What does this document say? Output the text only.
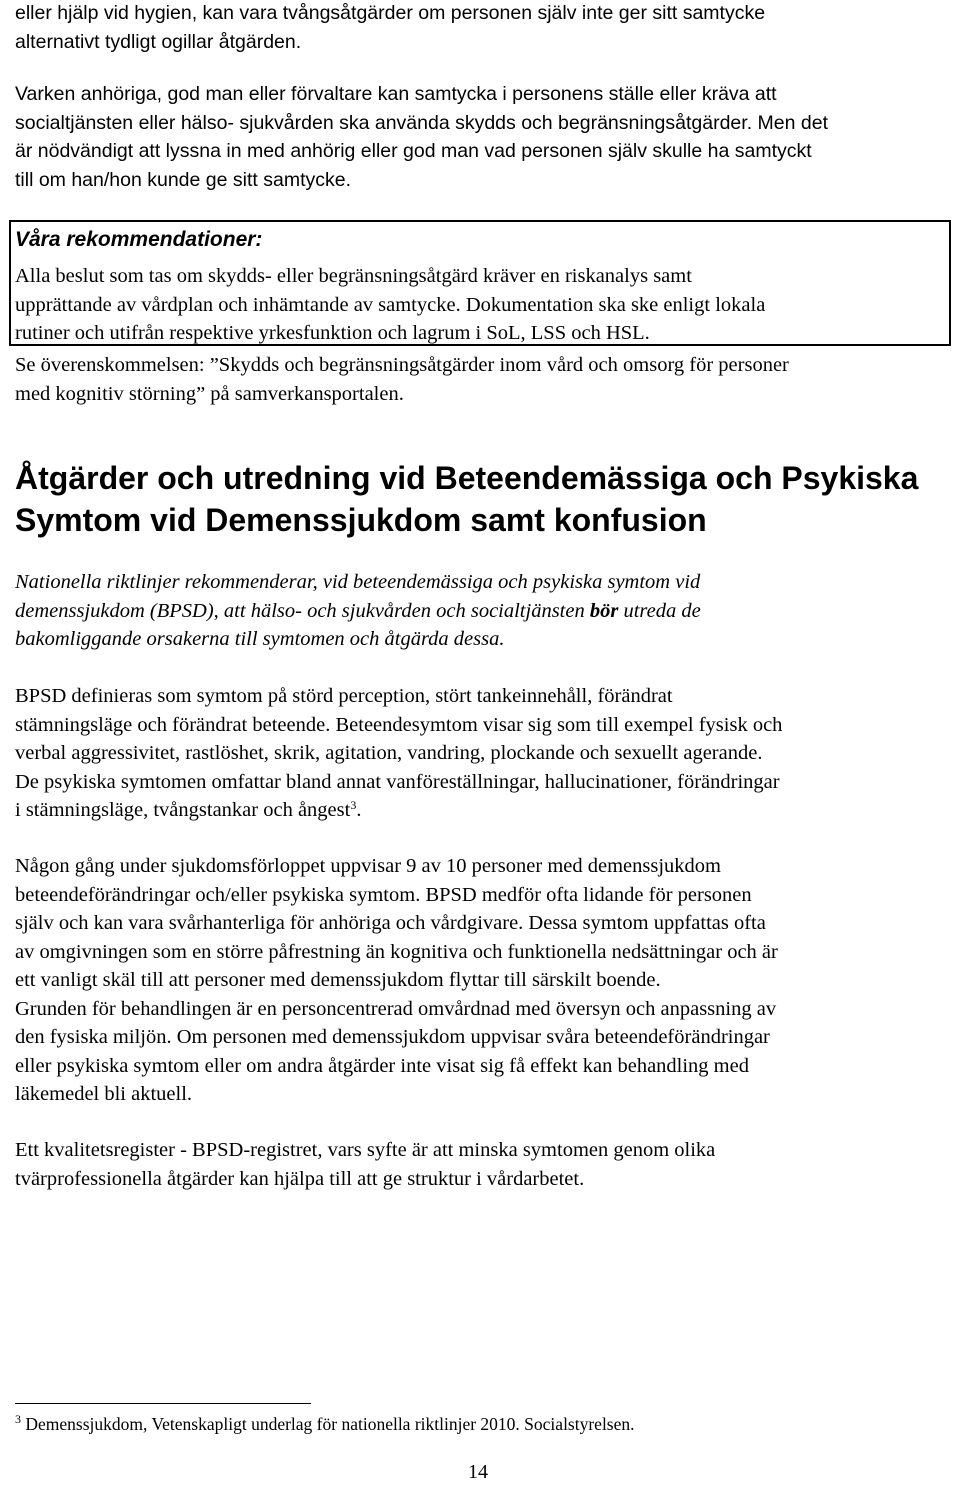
eller hjälp vid hygien, kan vara tvångsåtgärder om personen själv inte ger sitt samtycke
alternativt tydligt ogillar åtgärden.

Varken anhöriga, god man eller förvaltare kan samtycka i personens ställe eller kräva att
socialtjänsten eller hälso- sjukvården ska använda skydds och begränsningsåtgärder. Men det
är nödvändigt att lyssna in med anhörig eller god man vad personen själv skulle ha samtyckt
till om han/hon kunde ge sitt samtycke.

Våra rekommendationer:

Alla beslut som tas om skydds- eller begränsningsåtgärd kräver en riskanalys samt
upprättande av vårdplan och inhämtande av samtycke. Dokumentation ska ske enligt lokala
rutiner och utifrån respektive yrkesfunktion och lagrum i SoL, LSS och HSL.

Se överenskommelsen: ”Skydds och begränsningsåtgärder inom vård och omsorg för personer
med kognitiv störning” på samverkansportalen.

Åtgärder och utredning vid Beteendemässiga och Psykiska
Symtom vid Demenssjukdom samt konfusion

Nationella riktlinjer rekommenderar, vid beteendemässiga och psykiska symtom vid
demenssjukdom (BPSD), att hälso- och sjukvården och socialtjänsten bör utreda de
bakomliggande orsakerna till symtomen och åtgärda dessa.

BPSD definieras som symtom på störd perception, stört tankeinnehåll, förändrat
stämningsläge och förändrat beteende. Beteendesymtom visar sig som till exempel fysisk och
verbal aggressivitet, rastlöshet, skrik, agitation, vandring, plockande och sexuellt agerande.
De psykiska symtomen omfattar bland annat vanföreställningar, hallucinationer, förändringar
i stämningsläge, tvångstankar och ångest$^3$.

Någon gång under sjukdomsförloppet uppvisar 9 av 10 personer med demenssjukdom
beteendeförändringar och/eller psykiska symtom. BPSD medför ofta lidande för personen
själv och kan vara svårhanterliga för anhöriga och vårdgivare. Dessa symtom uppfattas ofta
av omgivningen som en större påfrestning än kognitiva och funktionella nedsättningar och är
ett vanligt skäl till att personer med demenssjukdom flyttar till särskilt boende.
Grunden för behandlingen är en personcentrerad omvårdnad med översyn och anpassning av
den fysiska miljön. Om personen med demenssjukdom uppvisar svåra beteendeförändringar
eller psykiska symtom eller om andra åtgärder inte visat sig få effekt kan behandling med
läkemedel bli aktuell.

Ett kvalitetsregister - BPSD-registret, vars syfte är att minska symtomen genom olika
tvärprofessionella åtgärder kan hjälpa till att ge struktur i vårdarbetet.

$^3$ Demenssjukdom, Vetenskapligt underlag för nationella riktlinjer 2010. Socialstyrelsen.

14
